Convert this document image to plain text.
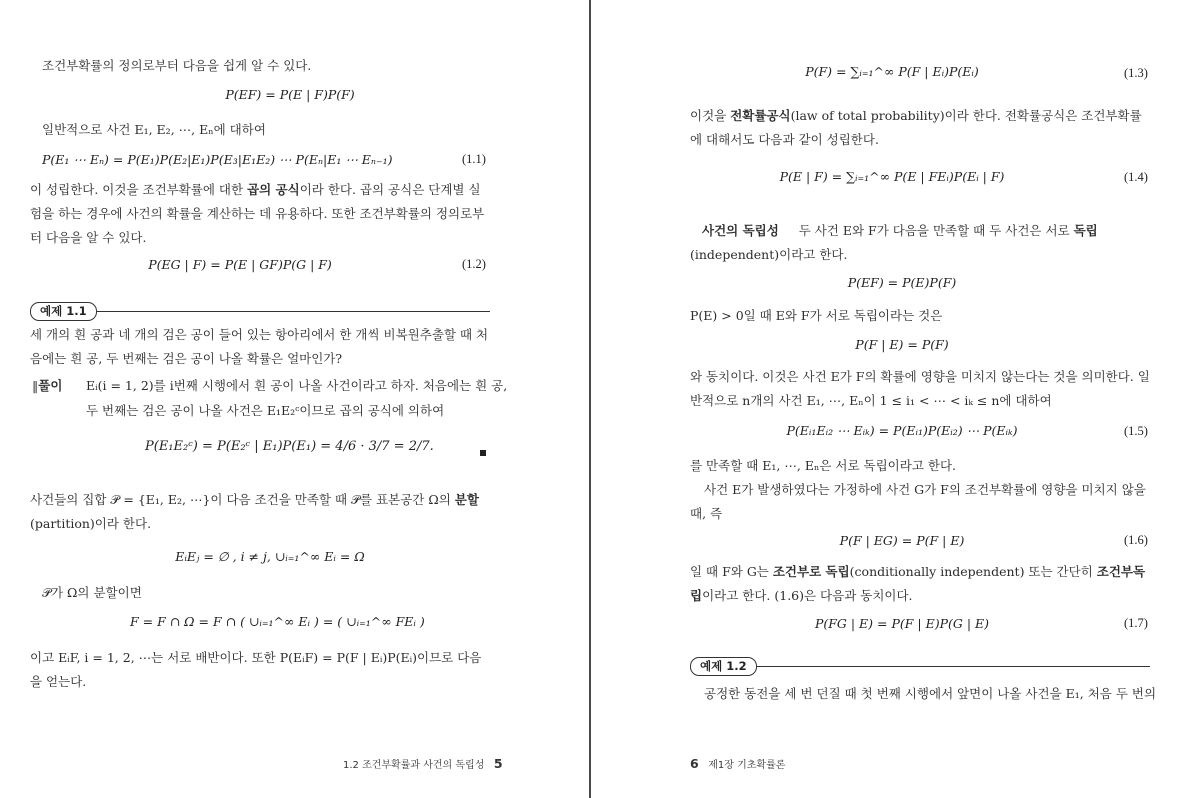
조건부확률의 정의로부터 다음을 쉽게 알 수 있다.
P(EF) = P(E | F)P(F)
일반적으로 사건 E₁, E₂, ⋯, Eₙ에 대하여
P(E₁ ⋯ Eₙ) = P(E₁)P(E₂|E₁)P(E₃|E₁E₂) ⋯ P(Eₙ|E₁ ⋯ Eₙ₋₁)	(1.1)
이 성립한다. 이것을 조건부확률에 대한 곱의 공식이라 한다. 곱의 공식은 단계별 실험을 하는 경우에 사건의 확률을 계산하는 데 유용하다. 또한 조건부확률의 정의로부터 다음을 알 수 있다.
P(EG | F) = P(E | GF)P(G | F)	(1.2)
예제 1.1
세 개의 흰 공과 네 개의 검은 공이 들어 있는 항아리에서 한 개씩 비복원추출할 때 처음에는 흰 공, 두 번째는 검은 공이 나올 확률은 얼마인가?
‖풀이 Eᵢ(i = 1, 2)를 i번째 시행에서 흰 공이 나올 사건이라고 하자. 처음에는 흰 공,
두 번째는 검은 공이 나올 사건은 E₁E₂ᶜ이므로 곱의 공식에 의하여
P(E₁E₂ᶜ) = P(E₂ᶜ | E₁)P(E₁) = 4/6 · 3/7 = 2/7.
사건들의 집합 𝒫 = {E₁, E₂, ⋯}이 다음 조건을 만족할 때 𝒫를 표본공간 Ω의 분할(partition)이라 한다.
EᵢEⱼ = ∅ , i ≠ j, ∪ᵢ₌₁^∞ Eᵢ = Ω
𝒫가 Ω의 분할이면
F = F ∩ Ω = F ∩ ( ∪ᵢ₌₁^∞ Eᵢ ) = ( ∪ᵢ₌₁^∞ FEᵢ )
이고 EᵢF, i = 1, 2, ⋯는 서로 배반이다. 또한 P(EᵢF) = P(F | Eᵢ)P(Eᵢ)이므로 다음을 얻는다.
1.2 조건부확률과 사건의 독립성 5
P(F) = ∑ᵢ₌₁^∞ P(F | Eᵢ)P(Eᵢ)	(1.3)
이것을 전확률공식(law of total probability)이라 한다. 전확률공식은 조건부확률에 대해서도 다음과 같이 성립한다.
P(E | F) = ∑ᵢ₌₁^∞ P(E | FEᵢ)P(Eᵢ | F)	(1.4)
사건의 독립성 두 사건 E와 F가 다음을 만족할 때 두 사건은 서로 독립(independent)이라고 한다.
P(EF) = P(E)P(F)
P(E) > 0일 때 E와 F가 서로 독립이라는 것은
P(F | E) = P(F)
와 동치이다. 이것은 사건 E가 F의 확률에 영향을 미치지 않는다는 것을 의미한다. 일반적으로 n개의 사건 E₁, ⋯, Eₙ이 1 ≤ i₁ < ⋯ < iₖ ≤ n에 대하여
P(Eᵢ₁Eᵢ₂ ⋯ Eᵢₖ) = P(Eᵢ₁)P(Eᵢ₂) ⋯ P(Eᵢₖ)	(1.5)
를 만족할 때 E₁, ⋯, Eₙ은 서로 독립이라고 한다.
사건 E가 발생하였다는 가정하에 사건 G가 F의 조건부확률에 영향을 미치지 않을 때, 즉
P(F | EG) = P(F | E)	(1.6)
일 때 F와 G는 조건부로 독립(conditionally independent) 또는 간단히 조건부독립이라고 한다. (1.6)은 다음과 동치이다.
P(FG | E) = P(F | E)P(G | E)	(1.7)
예제 1.2
공정한 동전을 세 번 던질 때 첫 번째 시행에서 앞면이 나올 사건을 E₁, 처음 두 번의
6 제1장 기초확률론
